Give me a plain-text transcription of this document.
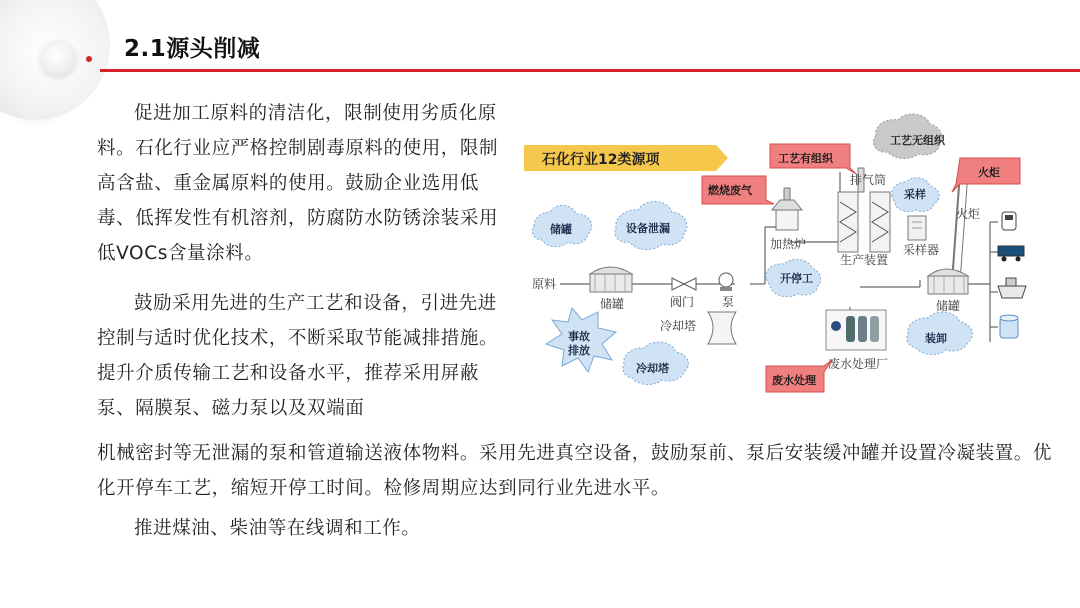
2.1源头削减

促进加工原料的清洁化，限制使用劣质化原料。石化行业应严格控制剧毒原料的使用，限制高含盐、重金属原料的使用。鼓励企业选用低毒、低挥发性有机溶剂，防腐防水防锈涂装采用低VOCs含量涂料。

鼓励采用先进的生产工艺和设备，引进先进控制与适时优化技术，不断采取节能减排措施。提升介质传输工艺和设备水平，推荐采用屏蔽泵、隔膜泵、磁力泵以及双端面

机械密封等无泄漏的泵和管道输送液体物料。采用先进真空设备，鼓励泵前、泵后安装缓冲罐并设置冷凝装置。优化开停车工艺，缩短开停工时间。检修周期应达到同行业先进水平。

推进煤油、柴油等在线调和工作。

石化行业12类源项
原料
储罐	阀门 泵
加热炉
排气筒
生产装置
采样器
火炬
储罐
冷却塔
废水处理厂
储罐	设备泄漏
工艺无组织
采样
开停工
冷却塔
装卸
燃烧废气
工艺有组织
火炬
废水处理
事故
排放
